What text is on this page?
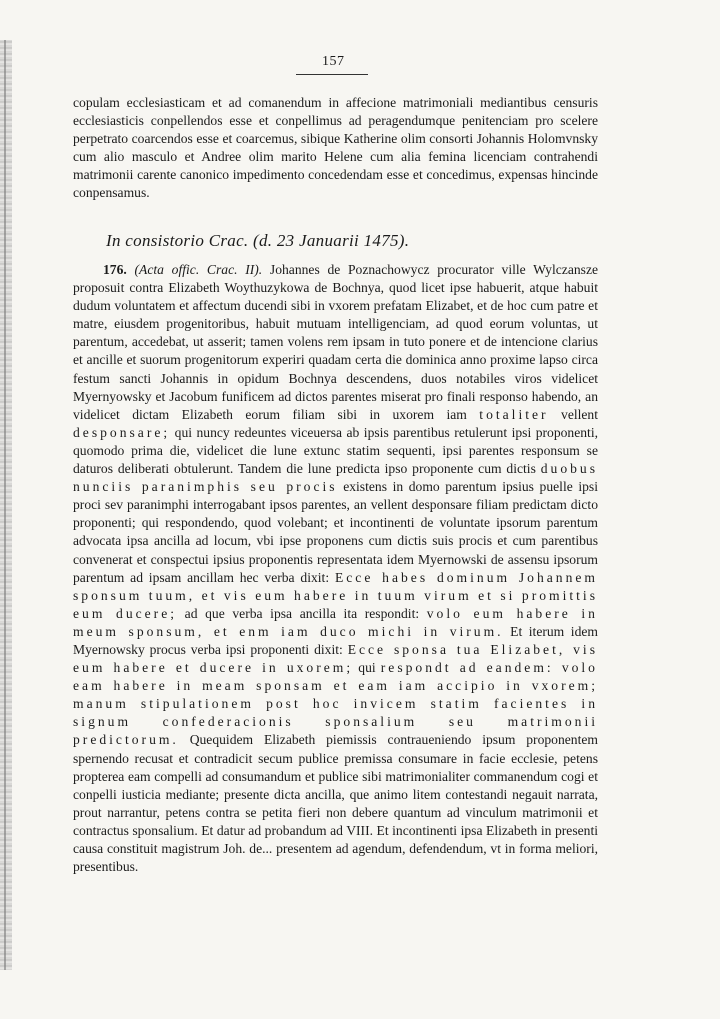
157

copulam ecclesiasticam et ad comanendum in affecione matrimoniali mediantibus censuris ecclesiasticis conpellendos esse et conpellimus ad peragendumque penitenciam pro scelere perpetrato coarcendos esse et coarcemus, sibique Katherine olim consorti Johannis Holomvnsky cum alio masculo et Andree olim marito Helene cum alia femina licenciam contrahendi matrimonii carente canonico impedimento concedendam esse et concedimus, expensas hincinde conpensamus.

In consistorio Crac. (d. 23 Januarii 1475).

176. (Acta offic. Crac. II). Johannes de Poznachowycz procurator ville Wylczansze proposuit contra Elizabeth Woythuzykowa de Bochnya, quod licet ipse habuerit, atque habuit dudum voluntatem et affectum ducendi sibi in vxorem prefatam Elizabet, et de hoc cum patre et matre, eiusdem progenitoribus, habuit mutuam intelligenciam, ad quod eorum voluntas, ut parentum, accedebat, ut asserit; tamen volens rem ipsam in tuto ponere et de intencione clarius et ancille et suorum progenitorum experiri quadam certa die dominica anno proxime lapso circa festum sancti Johannis in opidum Bochnya descendens, duos notabiles viros videlicet Myernyowsky et Jacobum funificem ad dictos parentes miserat pro finali responso habendo, an videlicet dictam Elizabeth eorum filiam sibi in uxorem iam totaliter vellent desponsare; qui nuncy redeuntes viceuersa ab ipsis parentibus retulerunt ipsi proponenti, quomodo prima die, videlicet die lune extunc statim sequenti, ipsi parentes responsum se daturos deliberati obtulerunt. Tandem die lune predicta ipso proponente cum dictis duobus nunciis paranimphis seu procis existens in domo parentum ipsius puelle ipsi proci sev paranimphi interrogabant ipsos parentes, an vellent desponsare filiam predictam dicto proponenti; qui respondendo, quod volebant; et incontinenti de voluntate ipsorum parentum advocata ipsa ancilla ad locum, vbi ipse proponens cum dictis suis procis et cum parentibus convenerat et conspectui ipsius proponentis representata idem Myernowski de assensu ipsorum parentum ad ipsam ancillam hec verba dixit: Ecce habes dominum Johannem sponsum tuum, et vis eum habere in tuum virum et si promittis eum ducere; ad que verba ipsa ancilla ita respondit: volo eum habere in meum sponsum, et enm iam duco michi in virum. Et iterum idem Myernowsky procus verba ipsi proponenti dixit: Ecce sponsa tua Elizabet, vis eum habere et ducere in uxorem; qui respondt ad eandem: volo eam habere in meam sponsam et eam iam accipio in vxorem; manum stipulationem post hoc invicem statim facientes in signum confederacionis sponsalium seu matrimonii predictorum. Quequidem Elizabeth piemissis contraueniendo ipsum proponentem spernendo recusat et contradicit secum publice premissa consumare in facie ecclesie, petens propterea eam compelli ad consumandum et publice sibi matrimonialiter commanendum cogi et conpelli iusticia mediante; presente dicta ancilla, que animo litem contestandi negauit narrata, prout narrantur, petens contra se petita fieri non debere quantum ad vinculum matrimonii et contractus sponsalium. Et datur ad probandum ad VIII. Et incontinenti ipsa Elizabeth in presenti causa constituit magistrum Joh. de... presentem ad agendum, defendendum, vt in forma meliori, presentibus.
